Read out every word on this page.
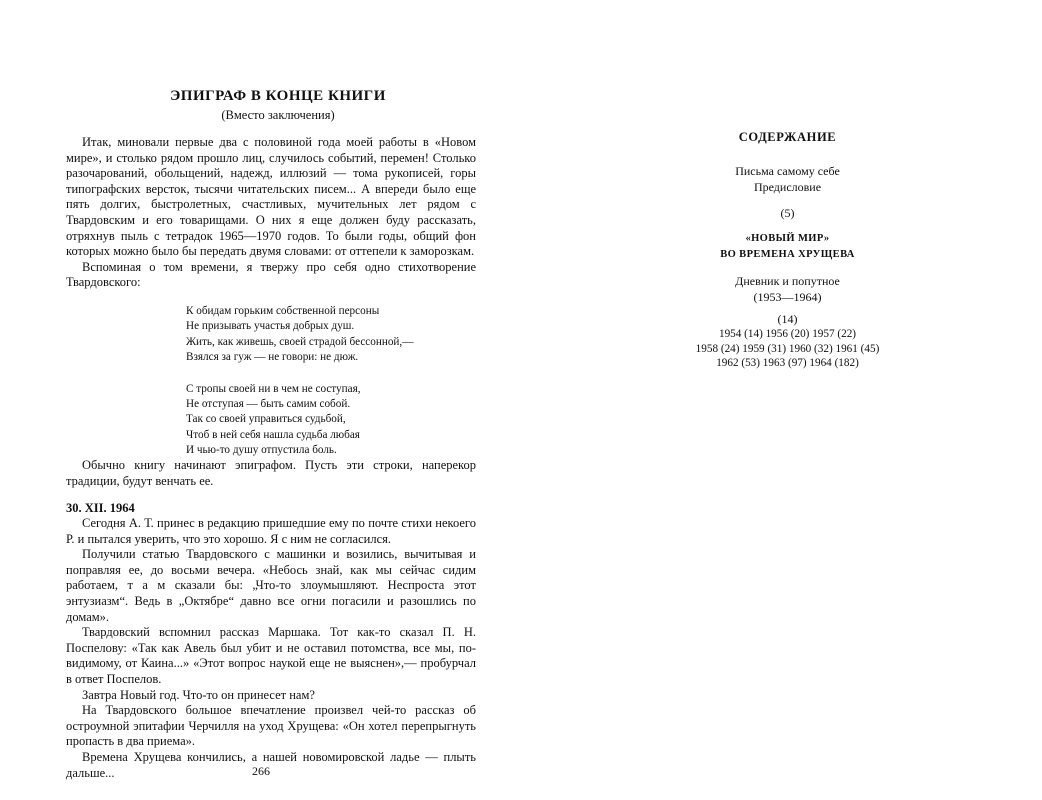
ЭПИГРАФ В КОНЦЕ КНИГИ

(Вместо заключения)

Итак, миновали первые два с половиной года моей работы в «Новом мире», и столько рядом прошло лиц, случилось событий, перемен! Столько разочарований, обольщений, надежд, иллюзий — тома рукописей, горы типографских версток, тысячи читательских писем... А впереди было еще пять долгих, быстролетных, счастливых, мучительных лет рядом с Твардовским и его товарищами. О них я еще должен буду рассказать, отряхнув пыль с тетрадок 1965—1970 годов. То были годы, общий фон которых можно было бы передать двумя словами: от оттепели к заморозкам.

Вспоминая о том времени, я твержу про себя одно стихотворение Твардовского:

К обидам горьким собственной персоны
Не призывать участья добрых душ.
Жить, как живешь, своей страдой бессонной,—
Взялся за гуж — не говори: не дюж.
С тропы своей ни в чем не соступая,
Не отступая — быть самим собой.
Так со своей управиться судьбой,
Чтоб в ней себя нашла судьба любая
И чью-то душу отпустила боль.

Обычно книгу начинают эпиграфом. Пусть эти строки, наперекор традиции, будут венчать ее.

30. XII. 1964

Сегодня А. Т. принес в редакцию пришедшие ему по почте стихи некоего Р. и пытался уверить, что это хорошо. Я с ним не согласился.

Получили статью Твардовского с машинки и возились, вычитывая и поправляя ее, до восьми вечера. «Небось знай, как мы сейчас сидим работаем, т а м сказали бы: „Что-то злоумышляют. Неспроста этот энтузиазм“. Ведь в „Октябре“ давно все огни погасили и разошлись по домам».

Твардовский вспомнил рассказ Маршака. Тот как-то сказал П. Н. Поспелову: «Так как Авель был убит и не оставил потомства, все мы, по-видимому, от Каина...» «Этот вопрос наукой еще не выяснен»,— пробурчал в ответ Поспелов.

Завтра Новый год. Что-то он принесет нам?

На Твардовского большое впечатление произвел чей-то рассказ об остроумной эпитафии Черчилля на уход Хрущева: «Он хотел перепрыгнуть пропасть в два приема».

Времена Хрущева кончились, а нашей новомировской ладье — плыть дальше...	266

СОДЕРЖАНИЕ

Письма самому себе

Предисловие

(5)

«НОВЫЙ МИР»

ВО ВРЕМЕНА ХРУЩЕВА

Дневник и попутное

(1953—1964)

(14)

1954 (14) 1956 (20) 1957 (22)
1958 (24) 1959 (31) 1960 (32) 1961 (45)
1962 (53) 1963 (97) 1964 (182)
